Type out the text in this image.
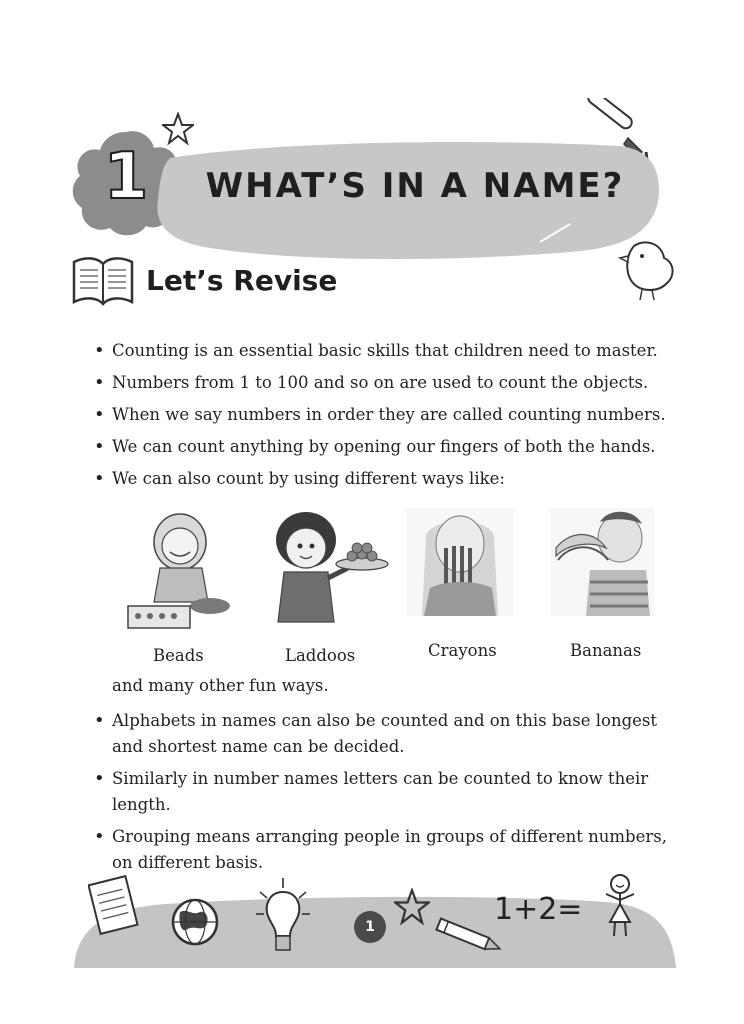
1	WHAT’S IN A NAME?
Let’s Revise
• Counting is an essential basic skills that children need to master.
• Numbers from 1 to 100 and so on are used to count the objects.
• When we say numbers in order they are called counting numbers.
• We can count anything by opening our fingers of both the hands.
• We can also count by using different ways like:
Beads	Laddoos	Crayons	Bananas
and many other fun ways.
• Alphabets in names can also be counted and on this base longest and shortest name can be decided.
• Similarly in number names letters can be counted to know their length.
• Grouping means arranging people in groups of different numbers, on different basis.
1	1+2=
